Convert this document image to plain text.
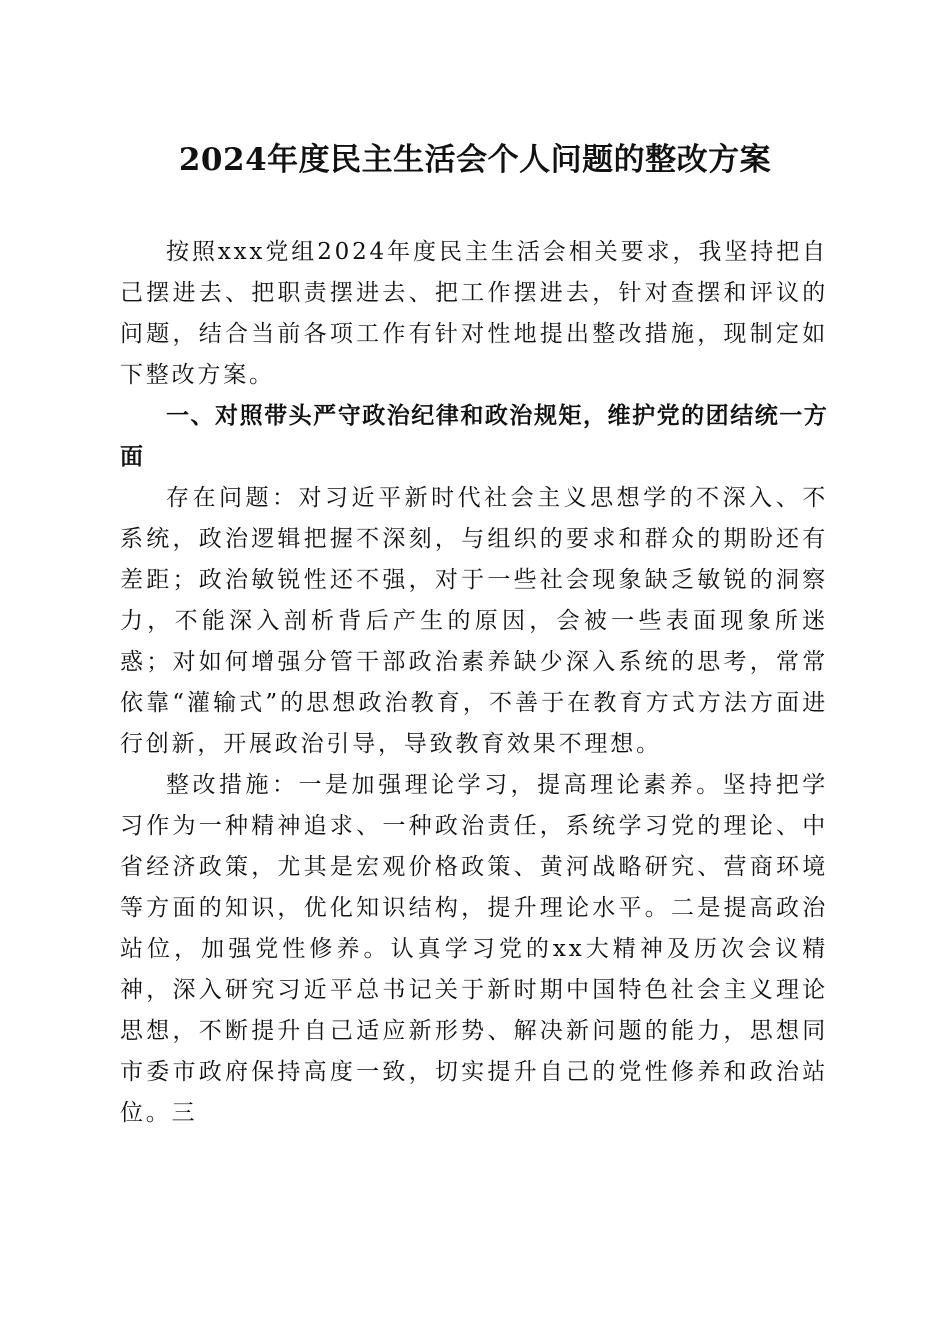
2024年度民主生活会个人问题的整改方案

按照xxx党组2024年度民主生活会相关要求，我坚持把自己摆进去、把职责摆进去、把工作摆进去，针对查摆和评议的问题，结合当前各项工作有针对性地提出整改措施，现制定如下整改方案。

一、对照带头严守政治纪律和政治规矩，维护党的团结统一方面

存在问题：对习近平新时代社会主义思想学的不深入、不系统，政治逻辑把握不深刻，与组织的要求和群众的期盼还有差距；政治敏锐性还不强，对于一些社会现象缺乏敏锐的洞察力，不能深入剖析背后产生的原因，会被一些表面现象所迷惑；对如何增强分管干部政治素养缺少深入系统的思考，常常依靠“灌输式”的思想政治教育，不善于在教育方式方法方面进行创新，开展政治引导，导致教育效果不理想。

整改措施：一是加强理论学习，提高理论素养。坚持把学习作为一种精神追求、一种政治责任，系统学习党的理论、中省经济政策，尤其是宏观价格政策、黄河战略研究、营商环境等方面的知识，优化知识结构，提升理论水平。二是提高政治站位，加强党性修养。认真学习党的xx大精神及历次会议精神，深入研究习近平总书记关于新时期中国特色社会主义理论思想，不断提升自己适应新形势、解决新问题的能力，思想同市委市政府保持高度一致，切实提升自己的党性修养和政治站位。三
